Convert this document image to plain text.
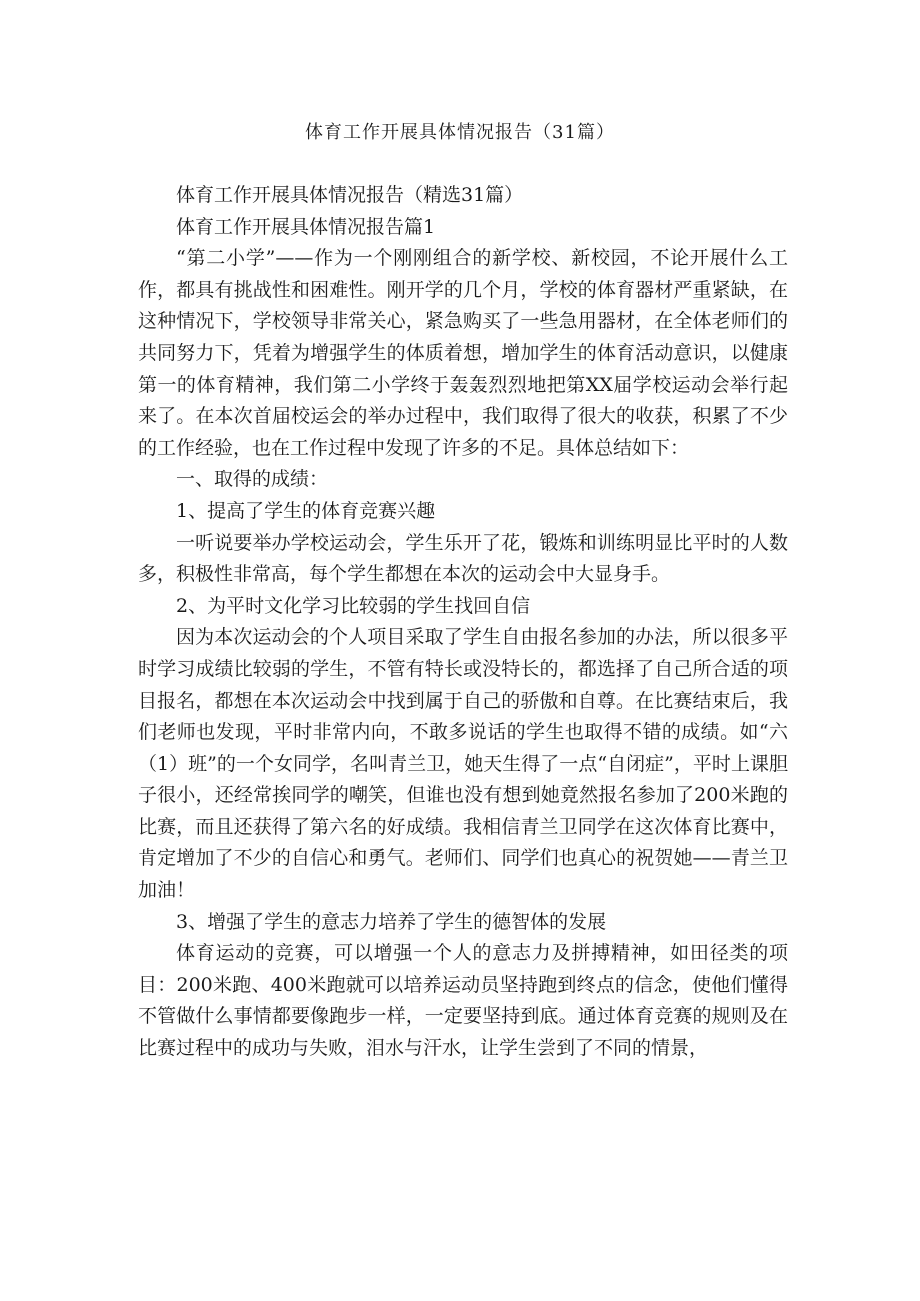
体育工作开展具体情况报告（31篇）

体育工作开展具体情况报告（精选31篇）

体育工作开展具体情况报告篇1

“第二小学”——作为一个刚刚组合的新学校、新校园，不论开展什么工作，都具有挑战性和困难性。刚开学的几个月，学校的体育器材严重紧缺，在这种情况下，学校领导非常关心，紧急购买了一些急用器材，在全体老师们的共同努力下，凭着为增强学生的体质着想，增加学生的体育活动意识，以健康第一的体育精神，我们第二小学终于轰轰烈烈地把第XX届学校运动会举行起来了。在本次首届校运会的举办过程中，我们取得了很大的收获，积累了不少的工作经验，也在工作过程中发现了许多的不足。具体总结如下：

一、取得的成绩：

1、提高了学生的体育竞赛兴趣

一听说要举办学校运动会，学生乐开了花，锻炼和训练明显比平时的人数多，积极性非常高，每个学生都想在本次的运动会中大显身手。

2、为平时文化学习比较弱的学生找回自信

因为本次运动会的个人项目采取了学生自由报名参加的办法，所以很多平时学习成绩比较弱的学生，不管有特长或没特长的，都选择了自己所合适的项目报名，都想在本次运动会中找到属于自己的骄傲和自尊。在比赛结束后，我们老师也发现，平时非常内向，不敢多说话的学生也取得不错的成绩。如“六（1）班”的一个女同学，名叫青兰卫，她天生得了一点“自闭症”，平时上课胆子很小，还经常挨同学的嘲笑，但谁也没有想到她竟然报名参加了200米跑的比赛，而且还获得了第六名的好成绩。我相信青兰卫同学在这次体育比赛中，肯定增加了不少的自信心和勇气。老师们、同学们也真心的祝贺她——青兰卫加油！

3、增强了学生的意志力培养了学生的德智体的发展

体育运动的竞赛，可以增强一个人的意志力及拼搏精神，如田径类的项目：200米跑、400米跑就可以培养运动员坚持跑到终点的信念，使他们懂得不管做什么事情都要像跑步一样，一定要坚持到底。通过体育竞赛的规则及在比赛过程中的成功与失败，泪水与汗水，让学生尝到了不同的情景，
